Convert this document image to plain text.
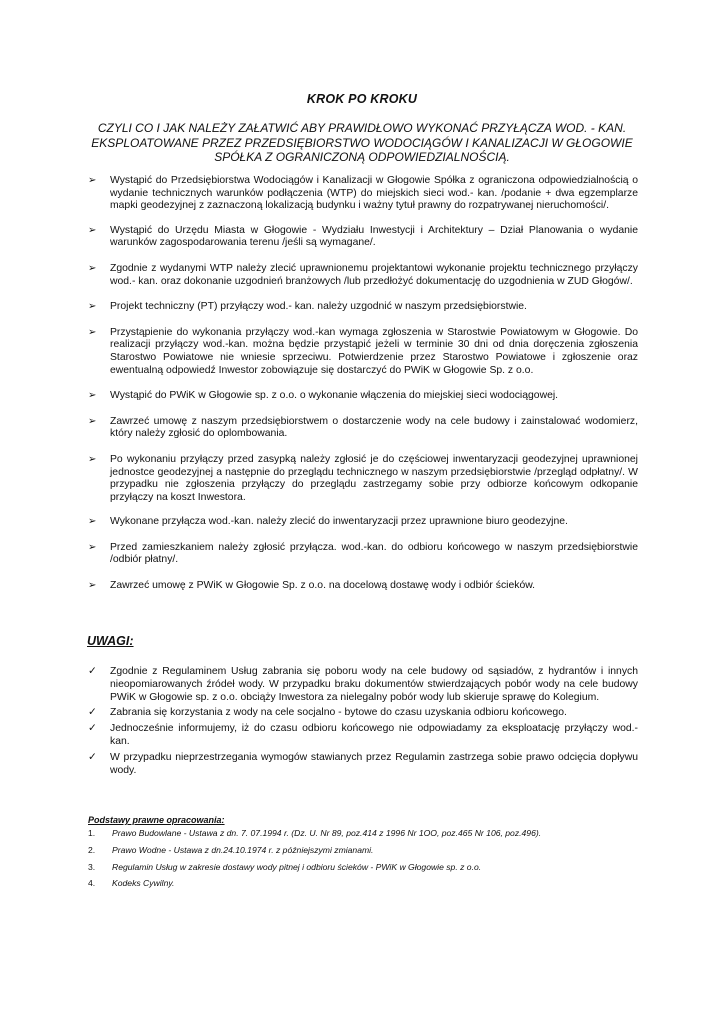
KROK PO KROKU
CZYLI CO I JAK NALEŻY ZAŁATWIĆ ABY PRAWIDŁOWO WYKONAĆ PRZYŁĄCZA WOD. - KAN. EKSPLOATOWANE PRZEZ PRZEDSIĘBIORSTWO WODOCIĄGÓW I KANALIZACJI W GŁOGOWIE SPÓŁKA Z OGRANICZONĄ ODPOWIEDZIALNOŚCIĄ.
➢ Wystąpić do Przedsiębiorstwa Wodociągów i Kanalizacji w Głogowie Spółka z ograniczona odpowiedzialnością o wydanie technicznych warunków podłączenia (WTP) do miejskich sieci wod.- kan. /podanie + dwa egzemplarze mapki geodezyjnej z zaznaczoną lokalizacją budynku i ważny tytuł prawny do rozpatrywanej nieruchomości/.
➢ Wystąpić do Urzędu Miasta w Głogowie - Wydziału Inwestycji i Architektury – Dział Planowania o wydanie warunków zagospodarowania terenu /jeśli są wymagane/.
➢ Zgodnie z wydanymi WTP należy zlecić uprawnionemu projektantowi wykonanie projektu technicznego przyłączy wod.- kan. oraz dokonanie uzgodnień branżowych /lub przedłożyć dokumentację do uzgodnienia w ZUD Głogów/.
➢ Projekt techniczny (PT) przyłączy wod.- kan. należy uzgodnić w naszym przedsiębiorstwie.
➢ Przystąpienie do wykonania przyłączy wod.-kan wymaga zgłoszenia w Starostwie Powiatowym w Głogowie. Do realizacji przyłączy wod.-kan. można będzie przystąpić jeżeli w terminie 30 dni od dnia doręczenia zgłoszenia Starostwo Powiatowe nie wniesie sprzeciwu. Potwierdzenie przez Starostwo Powiatowe i zgłoszenie oraz ewentualną odpowiedź Inwestor zobowiązuje się dostarczyć do PWiK w Głogowie Sp. z o.o.
➢ Wystąpić do PWiK w Głogowie sp. z o.o. o wykonanie włączenia do miejskiej sieci wodociągowej.
➢ Zawrzeć umowę z naszym przedsiębiorstwem o dostarczenie wody na cele budowy i zainstalować wodomierz, który należy zgłosić do oplombowania.
➢ Po wykonaniu przyłączy przed zasypką należy zgłosić je do częściowej inwentaryzacji geodezyjnej uprawnionej jednostce geodezyjnej a następnie do przeglądu technicznego w naszym przedsiębiorstwie /przegląd odpłatny/. W przypadku nie zgłoszenia przyłączy do przeglądu zastrzegamy sobie przy odbiorze końcowym odkopanie przyłączy na koszt Inwestora.
➢ Wykonane przyłącza wod.-kan. należy zlecić do inwentaryzacji przez uprawnione biuro geodezyjne.
➢ Przed zamieszkaniem należy zgłosić przyłącza. wod.-kan. do odbioru końcowego w naszym przedsiębiorstwie /odbiór płatny/.
➢ Zawrzeć umowę z PWiK w Głogowie Sp. z o.o. na docelową dostawę wody i odbiór ścieków.
UWAGI:
✓ Zgodnie z Regulaminem Usług zabrania się poboru wody na cele budowy od sąsiadów, z hydrantów i innych nieopomiarowanych źródeł wody. W przypadku braku dokumentów stwierdzających pobór wody na cele budowy PWiK w Głogowie sp. z o.o. obciąży Inwestora za nielegalny pobór wody lub skieruje sprawę do Kolegium.
✓ Zabrania się korzystania z wody na cele socjalno - bytowe do czasu uzyskania odbioru końcowego.
✓ Jednocześnie informujemy, iż do czasu odbioru końcowego nie odpowiadamy za eksploatację przyłączy wod.- kan.
✓ W przypadku nieprzestrzegania wymogów stawianych przez Regulamin zastrzega sobie prawo odcięcia dopływu wody.
Podstawy prawne opracowania:
1. Prawo Budowlane - Ustawa z dn. 7. 07.1994 r. (Dz. U. Nr 89, poz.414 z 1996 Nr 1OO, poz.465 Nr 106, poz.496).
2. Prawo Wodne - Ustawa z dn.24.10.1974 r. z późniejszymi zmianami.
3. Regulamin Usług w zakresie dostawy wody pitnej i odbioru ścieków - PWiK w Głogowie sp. z o.o.
4. Kodeks Cywilny.
